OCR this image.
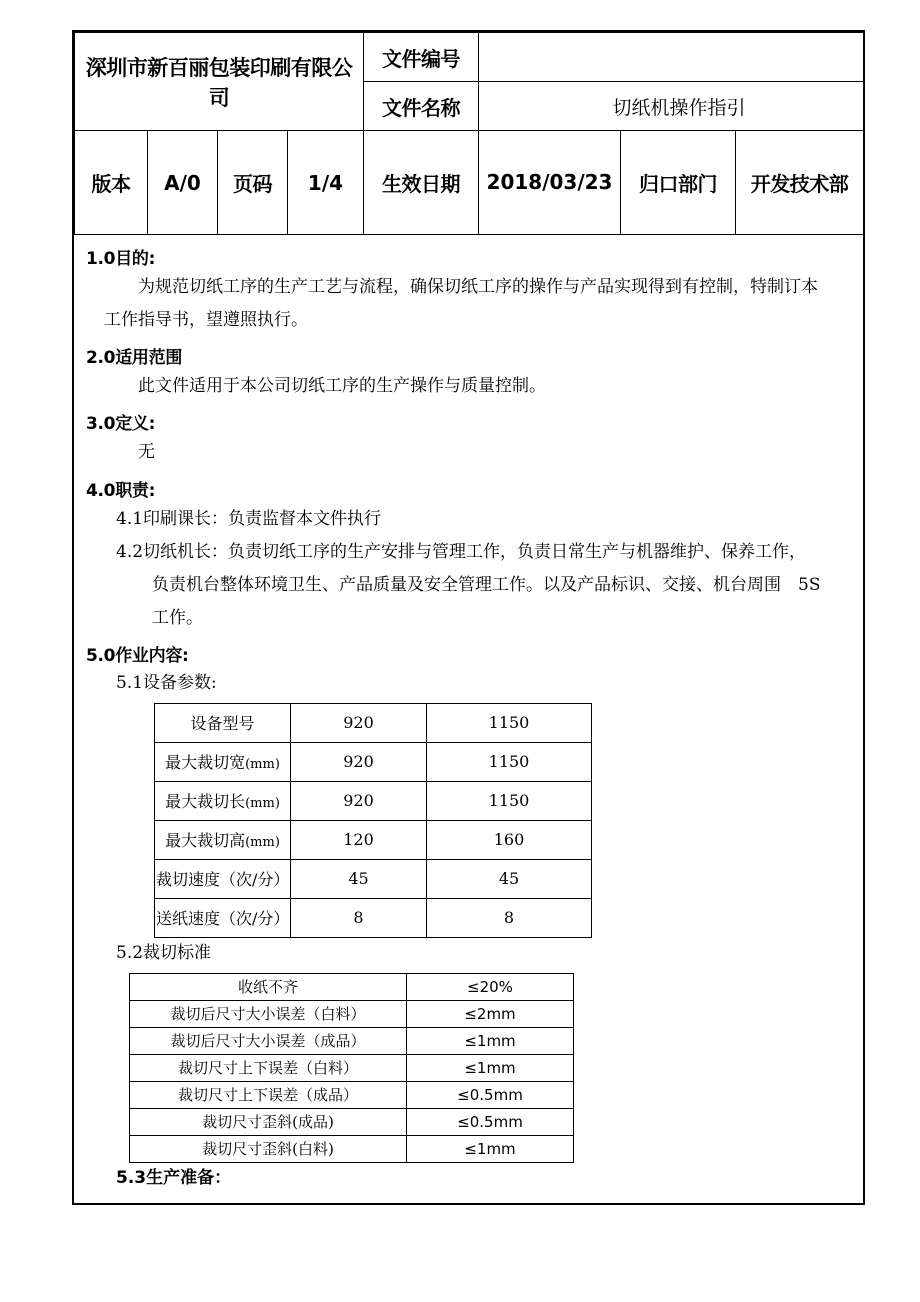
深圳市新百丽包装印刷有限公司				文件编号			
				文件名称	切纸机操作指引		
版本	A/0	页码	1/4	生效日期	2018/03/23	归口部门	开发技术部
1.0目的:
为规范切纸工序的生产工艺与流程，确保切纸工序的操作与产品实现得到有控制，特制订本
工作指导书，望遵照执行。
2.0适用范围
此文件适用于本公司切纸工序的生产操作与质量控制。
3.0定义:
无
4.0职责:
4.1印刷课长：负责监督本文件执行
4.2切纸机长：负责切纸工序的生产安排与管理工作，负责日常生产与机器维护、保养工作，
负责机台整体环境卫生、产品质量及安全管理工作。以及产品标识、交接、机台周围　5S
工作。
5.0作业内容:
5.1设备参数:
设备型号	920	1150
最大裁切宽(mm)	920	1150
最大裁切长(mm)	920	1150
最大裁切高(mm)	120	160
裁切速度（次/分）	45	45
送纸速度（次/分）	8	8
5.2裁切标准
收纸不齐	≤20%
裁切后尺寸大小误差（白料）	≤2mm
裁切后尺寸大小误差（成品）	≤1mm
裁切尺寸上下误差（白料）	≤1mm
裁切尺寸上下误差（成品）	≤0.5mm
裁切尺寸歪斜(成品)	≤0.5mm
裁切尺寸歪斜(白料)	≤1mm
5.3生产准备：
